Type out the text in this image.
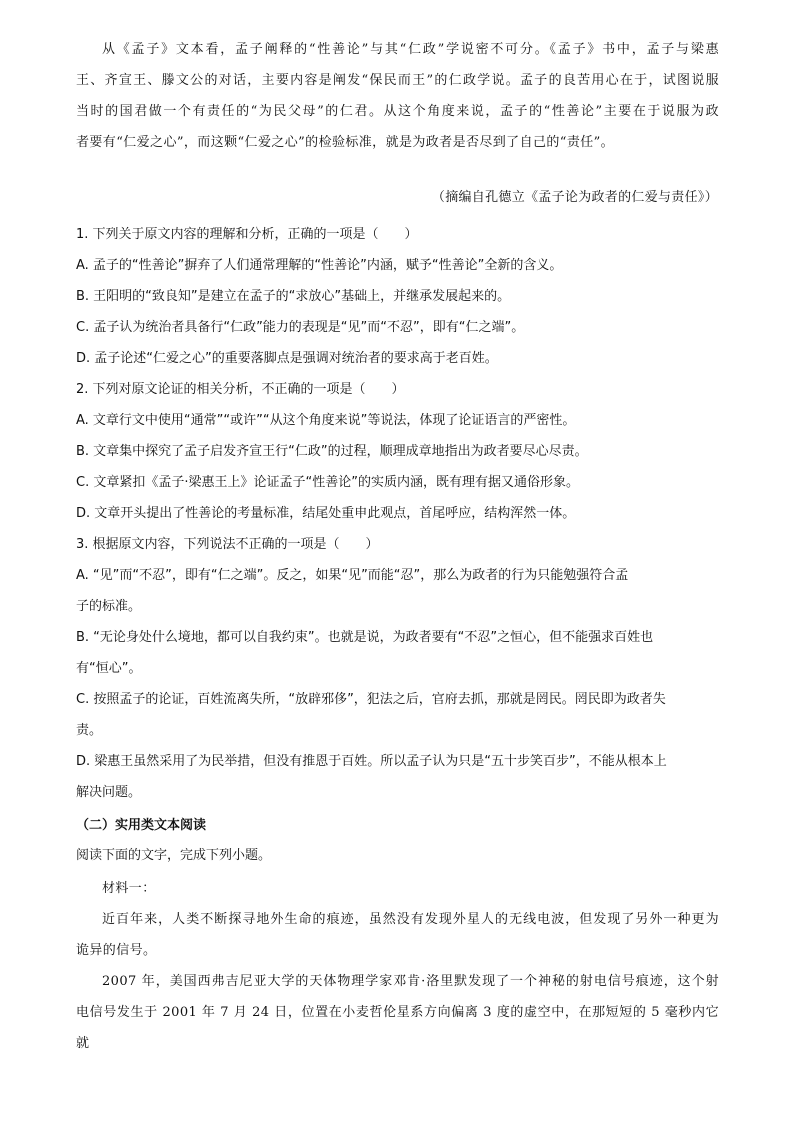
从《孟子》文本看，孟子阐释的“性善论”与其“仁政”学说密不可分。《孟子》书中，孟子与梁惠

王、齐宣王、滕文公的对话，主要内容是阐发“保民而王”的仁政学说。孟子的良苦用心在于，试图说服

当时的国君做一个有责任的“为民父母”的仁君。从这个角度来说，孟子的“性善论”主要在于说服为政

者要有“仁爱之心”，而这颗“仁爱之心”的检验标准，就是为政者是否尽到了自己的“责任”。

（摘编自孔德立《孟子论为政者的仁爱与责任》）

1. 下列关于原文内容的理解和分析，正确的一项是（　　）

A. 孟子的“性善论”摒弃了人们通常理解的“性善论”内涵，赋予“性善论”全新的含义。

B. 王阳明的“致良知”是建立在孟子的“求放心”基础上，并继承发展起来的。

C. 孟子认为统治者具备行“仁政”能力的表现是“见”而“不忍”，即有“仁之端”。

D. 孟子论述“仁爱之心”的重要落脚点是强调对统治者的要求高于老百姓。

2. 下列对原文论证的相关分析，不正确的一项是（　　）

A. 文章行文中使用“通常”“或许”“从这个角度来说”等说法，体现了论证语言的严密性。

B. 文章集中探究了孟子启发齐宣王行“仁政”的过程，顺理成章地指出为政者要尽心尽责。

C. 文章紧扣《孟子·梁惠王上》论证孟子“性善论”的实质内涵，既有理有据又通俗形象。

D. 文章开头提出了性善论的考量标准，结尾处重申此观点，首尾呼应，结构浑然一体。

3. 根据原文内容，下列说法不正确的一项是（　　）

A. “见”而“不忍”，即有“仁之端”。反之，如果“见”而能“忍”，那么为政者的行为只能勉强符合孟

子的标准。

B. “无论身处什么境地，都可以自我约束”。也就是说，为政者要有“不忍”之恒心，但不能强求百姓也

有“恒心”。

C. 按照孟子的论证，百姓流离失所，“放辟邪侈”，犯法之后，官府去抓，那就是罔民。罔民即为政者失

责。

D. 梁惠王虽然采用了为民举措，但没有推恩于百姓。所以孟子认为只是“五十步笑百步”，不能从根本上

解决问题。

（二）实用类文本阅读

阅读下面的文字，完成下列小题。

材料一：

近百年来，人类不断探寻地外生命的痕迹，虽然没有发现外星人的无线电波，但发现了另外一种更为

诡异的信号。

2007 年，美国西弗吉尼亚大学的天体物理学家邓肯·洛里默发现了一个神秘的射电信号痕迹，这个射

电信号发生于 2001 年 7 月 24 日，位置在小麦哲伦星系方向偏离 3 度的虚空中，在那短短的 5 毫秒内它就
